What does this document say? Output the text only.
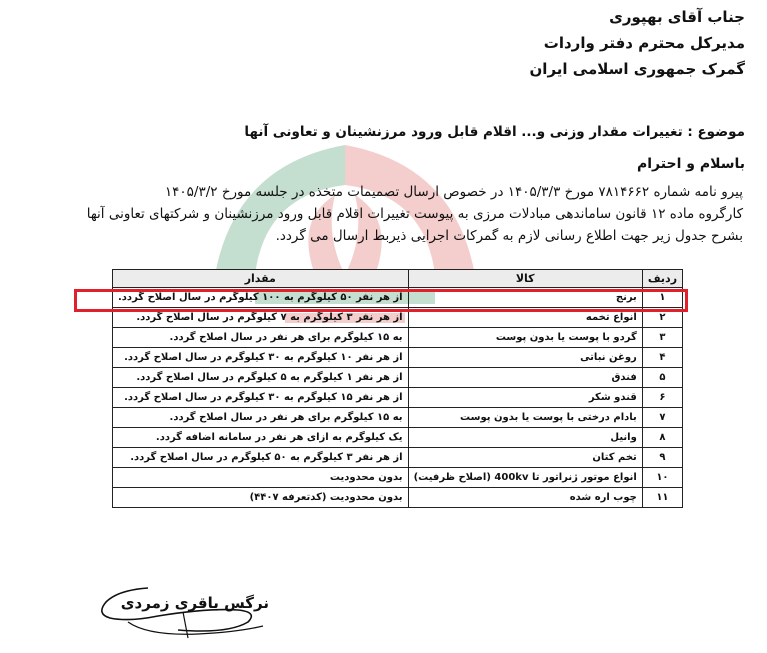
جناب آقای بهپوری
مدیرکل محترم دفتر واردات
گمرک جمهوری اسلامی ایران
موضوع : تغییرات مقدار وزنی و... اقلام قابل ورود مرزنشینان و تعاونی آنها
باسلام و احترام

پیرو نامه شماره ۷۸۱۴۶۶۲ مورخ ۱۴۰۵/۳/۳ در خصوص ارسال تصمیمات متخذه در جلسه مورخ ۱۴۰۵/۳/۲

کارگروه ماده ۱۲ قانون ساماندهی مبادلات مرزی به پیوست تغییرات اقلام قابل ورود مرزنشینان و شرکتهای تعاونی آنها

بشرح جدول زیر جهت اطلاع رسانی لازم به گمرکات اجرایی ذیربط ارسال می گردد.

ردیف	کالا	مقدار
۱	برنج	از هر نفر ۵۰ کیلوگرم به ۱۰۰ کیلوگرم در سال اصلاح گردد.
۲	انواع تخمه	از هر نفر ۳ کیلوگرم به ۷ کیلوگرم در سال اصلاح گردد.
۳	گردو با پوست یا بدون پوست	به ۱۵ کیلوگرم برای هر نفر در سال اصلاح گردد.
۴	روغن نباتی	از هر نفر ۱۰ کیلوگرم به ۳۰ کیلوگرم در سال اصلاح گردد.
۵	فندق	از هر نفر ۱ کیلوگرم به ۵ کیلوگرم در سال اصلاح گردد.
۶	قندو شکر	از هر نفر ۱۵ کیلوگرم به ۳۰ کیلوگرم در سال اصلاح گردد.
۷	بادام درختی با پوست یا بدون پوست	به ۱۵ کیلوگرم برای هر نفر در سال اصلاح گردد.
۸	وانیل	یک کیلوگرم به ازای هر نفر در سامانه اضافه گردد.
۹	تخم کتان	از هر نفر ۳ کیلوگرم به ۵۰ کیلوگرم در سال اصلاح گردد.
۱۰	انواع موتور ژنراتور تا 400kv (اصلاح ظرفیت)	بدون محدودیت
۱۱	چوب اره شده	بدون محدودیت (کدتعرفه ۴۴۰۷)
نرگس باقری زمردی
